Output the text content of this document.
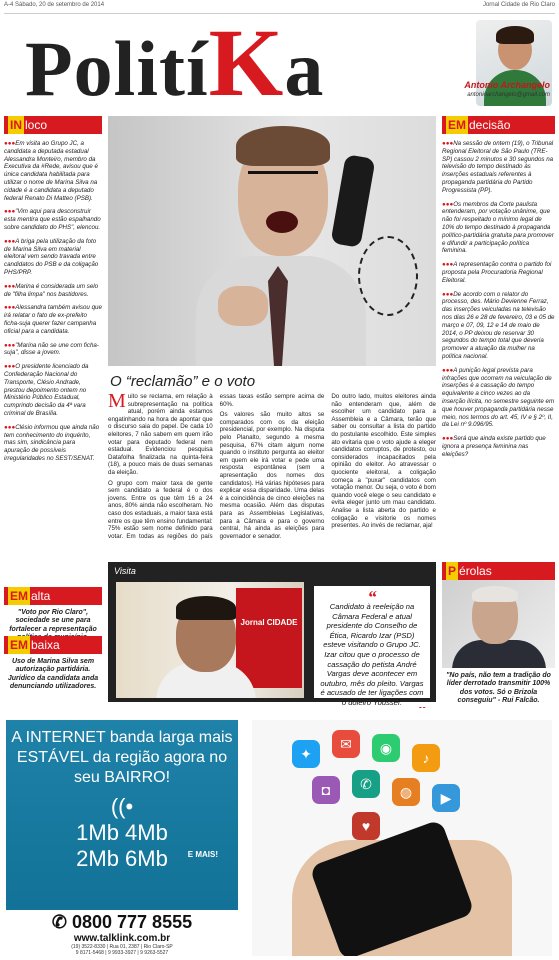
A-4 Sábado, 20 de setembro de 2014	Jornal Cidade de Rio Claro
PolitíKa	Antonio Archangelo
antonioarchangelo@gmail.com
IN loco

●●●Em visita ao Grupo JC, a candidata a deputada estadual Alessandra Monteiro, membro da Executiva da #Rede, avisou que é única candidata habilitada para utilizar o nome de Marina Silva na cidade é a candidata a deputado federal Renato Di Matteo (PSB).

●●●"Vim aqui para desconstruir esta mentira que estão espalhando sobre candidato do PHS", elencou.

●●●A briga pela utilização da foto de Marina Silva em material eleitoral vem sendo travada entre candidatos do PSB e da coligação PHS/PRP.

●●●Marina é considerada um selo de "filha limpa" nos bastidores.

●●●Alessandra também avisou que irá relatar o fato de ex-prefeito ficha-suja querer fazer campanha oficial para a candidata.

●●●"Marina não se une com ficha-suja", disse a jovem.

●●●O presidente licenciado da Confederação Nacional do Transporte, Clésio Andrade, prestou depoimento ontem no Ministério Público Estadual, cumprindo decisão da 4ª vara criminal de Brasília.

●●●Clésio informou que ainda não tem conhecimento do inquérito, mas sim, sindicância para apuração de possíveis irregularidades no SEST/SENAT.

EM decisão

●●●Na sessão de ontem (19), o Tribunal Regional Eleitoral de São Paulo (TRE-SP) cassou 2 minutos e 30 segundos na televisão do tempo destinado às inserções estaduais referentes à propaganda partidária do Partido Progressista (PP).

●●●Os membros da Corte paulista entenderam, por votação unânime, que não foi respeitado o mínimo legal de 10% do tempo destinado à propaganda político-partidária gratuita para promover e difundir a participação política feminina.

●●●A representação contra o partido foi proposta pela Procuradoria Regional Eleitoral.

●●●De acordo com o relator do processo, des. Mário Devienne Ferraz, das inserções veiculadas na televisão nos dias 26 e 28 de fevereiro, 03 e 05 de março e 07, 09, 12 e 14 de maio de 2014, o PP deixou de reservar 30 segundos do tempo total que deveria promover a atuação da mulher na política nacional.

●●●A punição legal prevista para infrações que ocorrem na veiculação de inserções é a cassação do tempo equivalente a cinco vezes ao da inserção ilícita, no semestre seguinte em que houver propaganda partidária nesse meio, nos termos do art. 45, IV e § 2º, II, da Lei nº 9.096/95.

●●●Será que ainda existe partido que ignora a presença feminina nas eleições?

O “reclamão” e o voto

Muito se reclama, em relação à subrepresentação na política atual, porém ainda estamos engatinhando na hora de apontar que o discurso saia do papel. De cada 10 eleitores, 7 não sabem em quem irão votar para deputado federal nem estadual. Evidenciou pesquisa Datafolha finalizada na quinta-feira (18), a pouco mais de duas semanas da eleição.

O grupo com maior taxa de gente sem candidato a federal é o dos jovens. Entre os que têm 16 a 24 anos, 80% ainda não escolheram. No caso dos estaduais, a maior taxa está entre os que têm ensino fundamental: 75% estão sem nome definido para votar. Em todas as regiões do país essas taxas estão sempre acima de 60%.

Os valores são muito altos se comparados com os da eleição presidencial, por exemplo. Na disputa pelo Planalto, segundo a mesma pesquisa, 67% citam algum nome quando o instituto pergunta ao eleitor em quem ele irá votar e pede uma resposta espontânea (sem a apresentação dos nomes dos candidatos). Há várias hipóteses para explicar essa disparidade. Uma delas é a coincidência de cinco eleições na mesma ocasião. Além das disputas para as Assembleias Legislativas, para a Câmara e para o governo central, há ainda as eleições para governador e senador.

Do outro lado, muitos eleitores ainda não entenderam que, além de escolher um candidato para a Assembleia e a Câmara, terão que saber ou consultar a lista do partido do postulante escolhido. Este simples ato evitaria que o voto ajude a eleger candidatos corruptos, de protesto, ou considerados incapacitados pela opinião do eleitor. Ao atravessar o quociente eleitoral, a coligação começa a "puxar" candidatos com votação menor. Ou seja, o voto é bom quando você elege o seu candidato e evita eleger junto um mau candidato. Analise a lista aberta do partido e coligação e visitorie os nomes presentes. Ao invés de reclamar, aja!

EM alta
"Voto por Rio Claro", sociedade se une para fortalecer a representação
EM baixa
Uso de Marina Silva sem autorização partidária. Jurídico da candidata anda denunciando utilizadores.
Visita
Jornal CIDADE
“
Candidato à reeleição na Câmara Federal e atual presidente do Conselho de Ética, Ricardo Izar (PSD) esteve visitando o Grupo JC. Izar citou que o processo de cassação do petista André Vargas deve acontecer em outubro, mês do pleito. Vargas é acusado de ter ligações com o doleiro Youssef.
P érolas
"No país, não tem a tradição do líder derrotado transmitir 100% dos votos. Só o Brizola conseguiu" - Rui Falcão.
A INTERNET banda larga mais ESTÁVEL da região agora no seu BAIRRO!
((•
1Mb 4Mb
2Mb 6Mb	E MAIS!
✆ 0800 777 8555
www.talklink.com.br
(19) 3522-8330 | Rua 01, 2387 | Rio Claro-SP
9 8171-5468 | 9 9933-3927 | 9 9263-5527
✦
✉	◉
♪
◘	✆	◍	▶
♥
